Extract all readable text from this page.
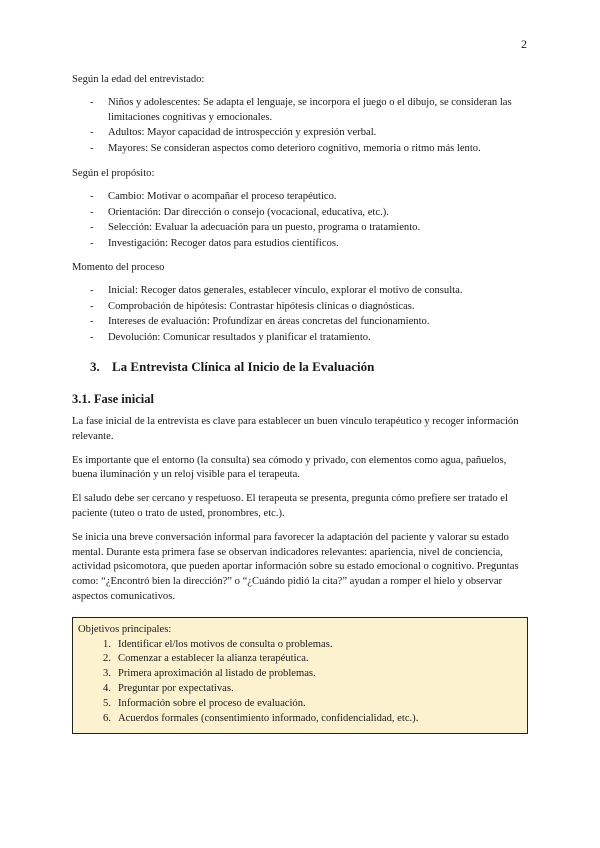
2

Según la edad del entrevistado:

- Niños y adolescentes: Se adapta el lenguaje, se incorpora el juego o el dibujo, se consideran las limitaciones cognitivas y emocionales.
- Adultos: Mayor capacidad de introspección y expresión verbal.
- Mayores: Se consideran aspectos como deterioro cognitivo, memoria o ritmo más lento.

Según el propósito:

- Cambio: Motivar o acompañar el proceso terapéutico.
- Orientación: Dar dirección o consejo (vocacional, educativa, etc.).
- Selección: Evaluar la adecuación para un puesto, programa o tratamiento.
- Investigación: Recoger datos para estudios científicos.

Momento del proceso

- Inicial: Recoger datos generales, establecer vínculo, explorar el motivo de consulta.
- Comprobación de hipótesis: Contrastar hipótesis clínicas o diagnósticas.
- Intereses de evaluación: Profundizar en áreas concretas del funcionamiento.
- Devolución: Comunicar resultados y planificar el tratamiento.
3. La Entrevista Clínica al Inicio de la Evaluación
3.1. Fase inicial

La fase inicial de la entrevista es clave para establecer un buen vínculo terapéutico y recoger información relevante.

Es importante que el entorno (la consulta) sea cómodo y privado, con elementos como agua, pañuelos, buena iluminación y un reloj visible para el terapeuta.

El saludo debe ser cercano y respetuoso. El terapeuta se presenta, pregunta cómo prefiere ser tratado el paciente (tuteo o trato de usted, pronombres, etc.).

Se inicia una breve conversación informal para favorecer la adaptación del paciente y valorar su estado mental. Durante esta primera fase se observan indicadores relevantes: apariencia, nivel de conciencia, actividad psicomotora, que pueden aportar información sobre su estado emocional o cognitivo. Preguntas como: “¿Encontró bien la dirección?” o “¿Cuándo pidió la cita?” ayudan a romper el hielo y observar aspectos comunicativos.

Objetivos principales:

1. Identificar el/los motivos de consulta o problemas.
2. Comenzar a establecer la alianza terapéutica.
3. Primera aproximación al listado de problemas.
4. Preguntar por expectativas.
5. Información sobre el proceso de evaluación.
6. Acuerdos formales (consentimiento informado, confidencialidad, etc.).
